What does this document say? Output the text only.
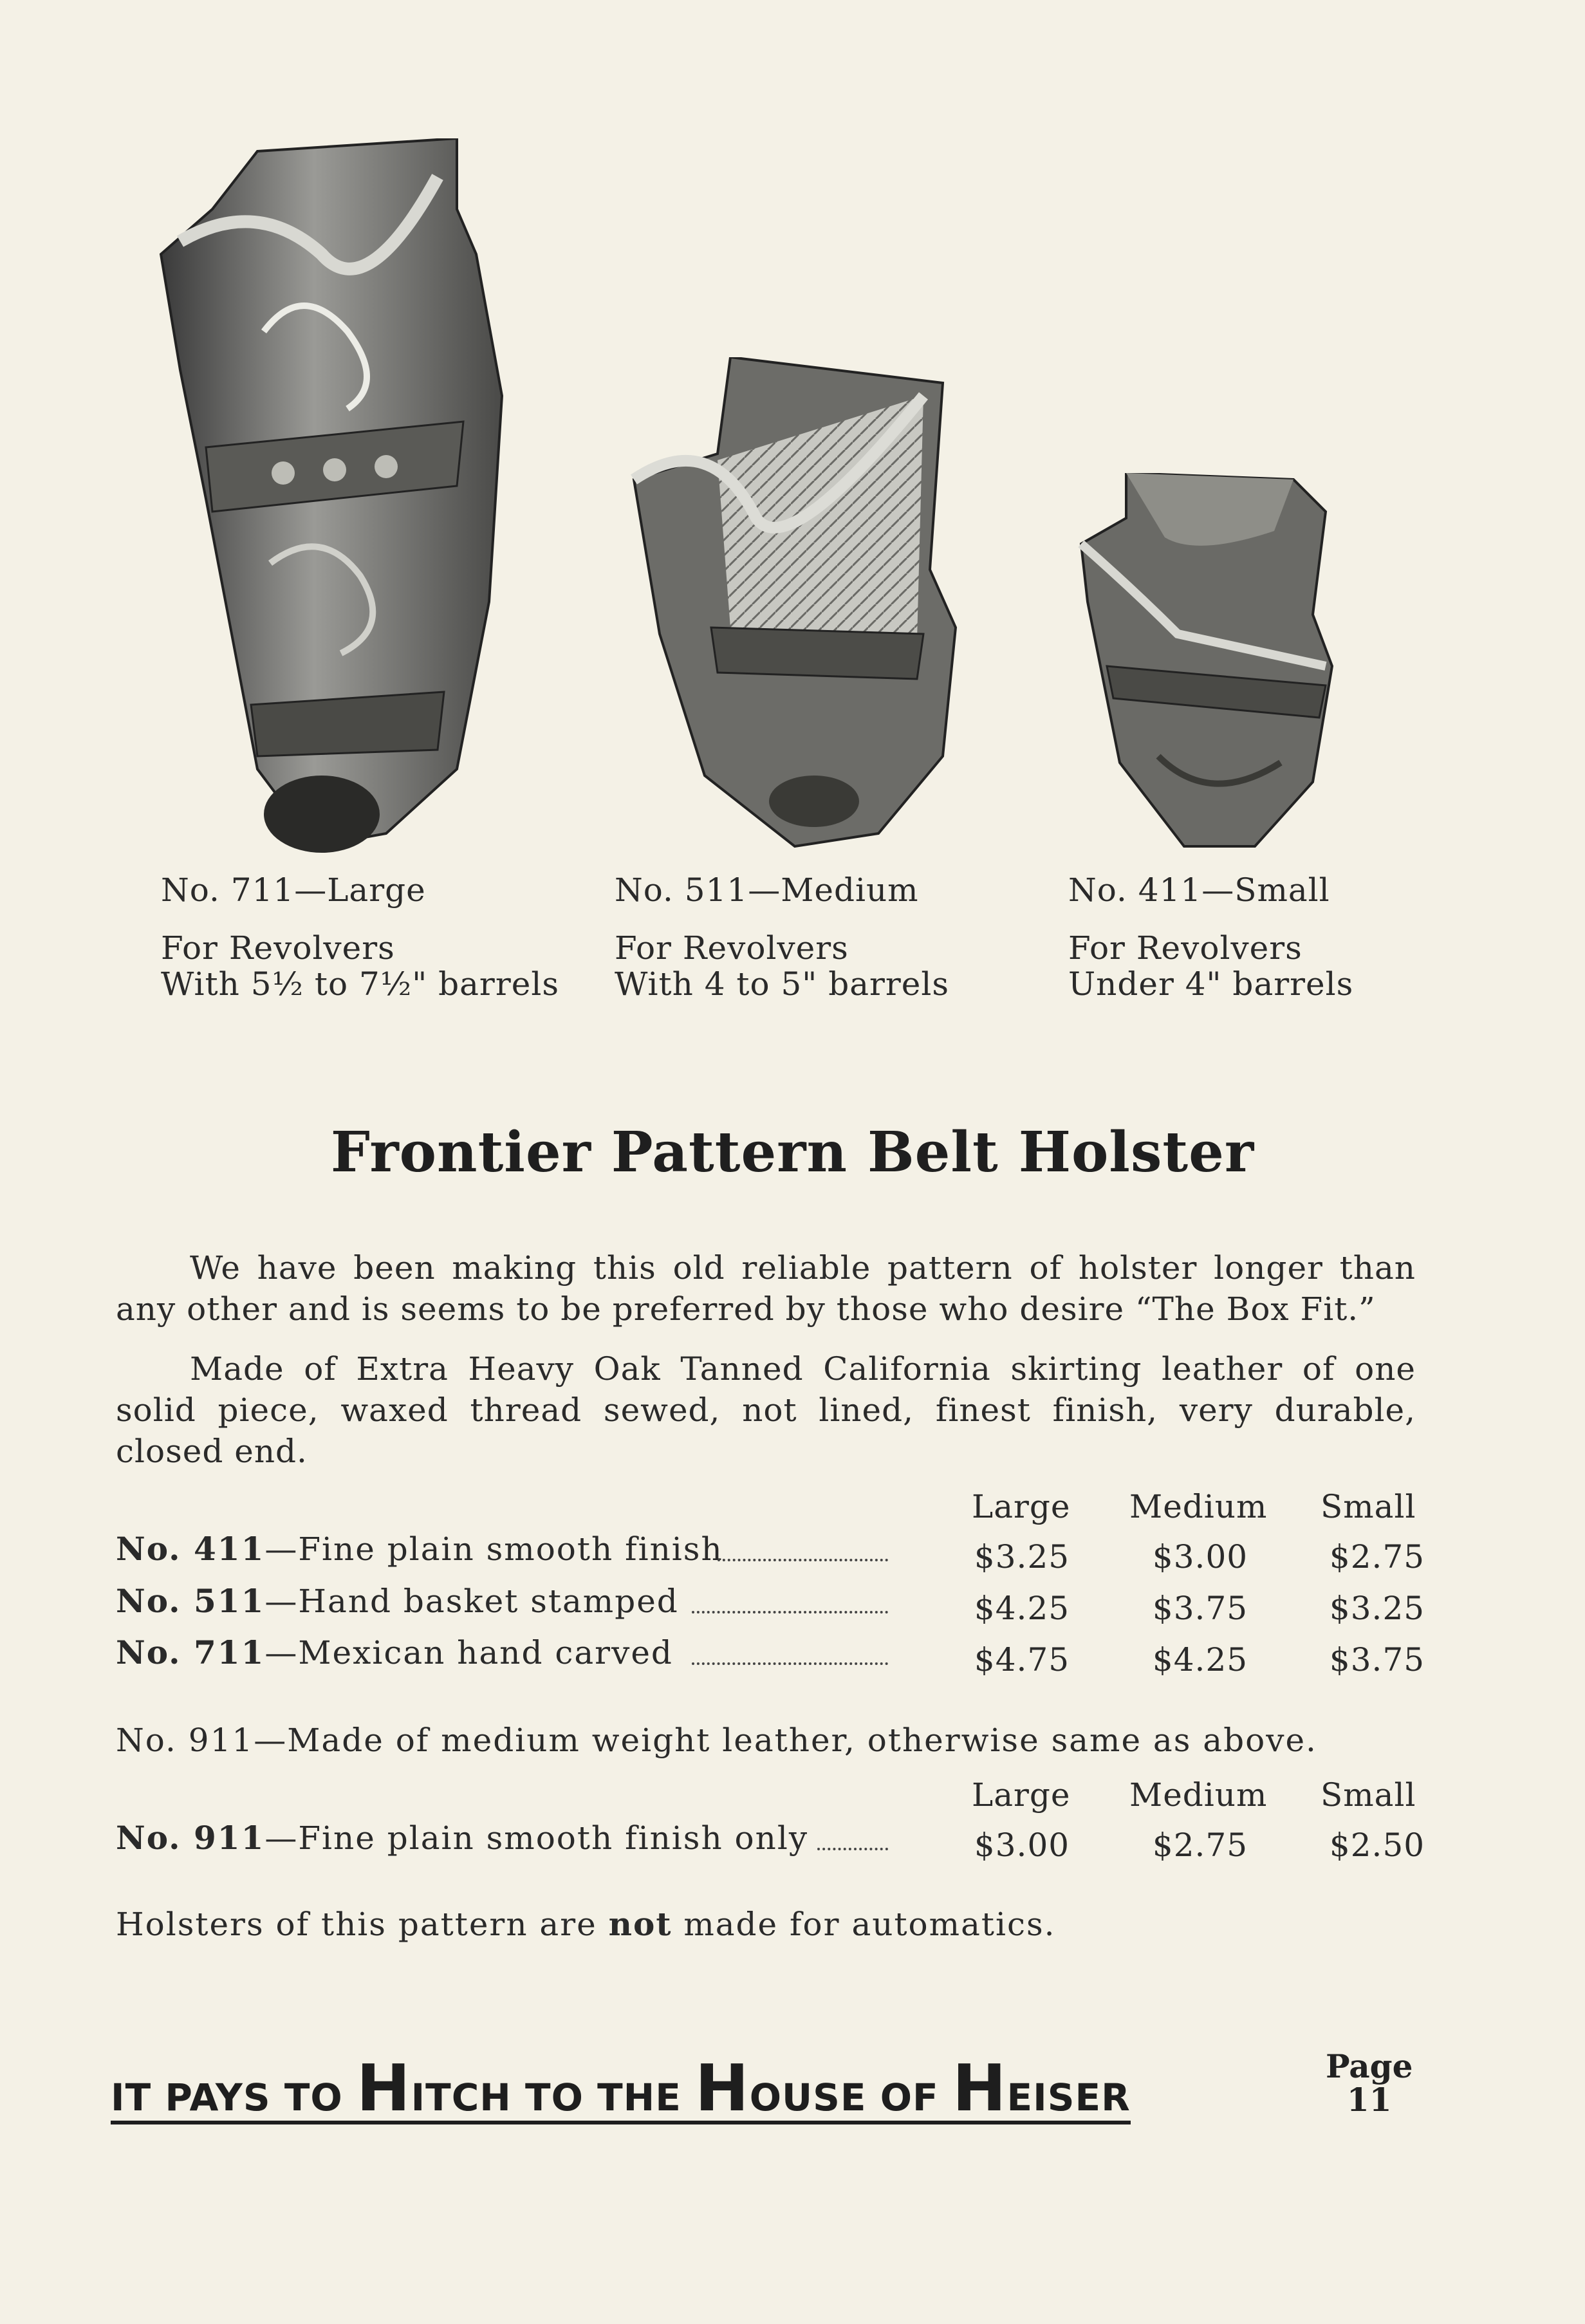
No. 711—Large
For Revolvers
With 5½ to 7½" barrels
No. 511—Medium
For Revolvers
With 4 to 5" barrels
No. 411—Small
For Revolvers
Under 4" barrels
Frontier Pattern Belt Holster
We have been making this old reliable pattern of holster longer than any other and is seems to be preferred by those who desire “The Box Fit.”
Made of Extra Heavy Oak Tanned California skirting leather of one solid piece, waxed thread sewed, not lined, finest finish, very durable, closed end.
Large Medium Small
No. 411—Fine plain smooth finish	$3.25	$3.00	$2.75
No. 511—Hand basket stamped	$4.25	$3.75	$3.25
No. 711—Mexican hand carved	$4.75	$4.25	$3.75
No. 911—Made of medium weight leather, otherwise same as above.
Large Medium Small
No. 911—Fine plain smooth finish only	$3.00	$2.75	$2.50
Holsters of this pattern are not made for automatics.
IT PAYS TO HITCH TO THE HOUSE OF HEISER
Page
11
